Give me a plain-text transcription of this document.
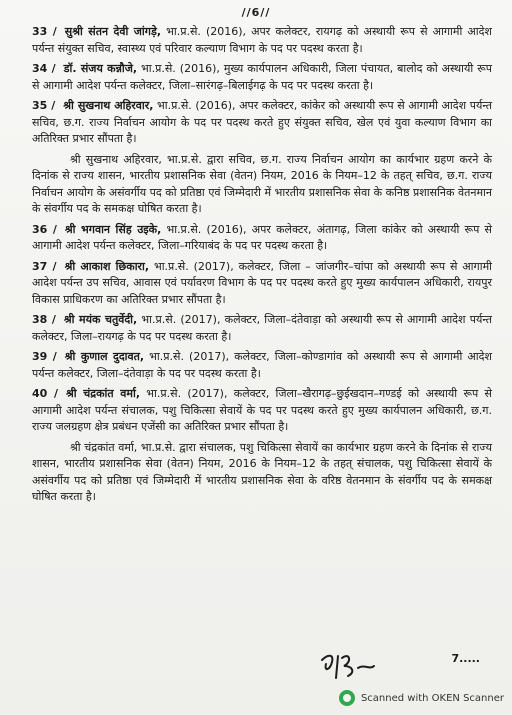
//6//

33 / सुश्री संतन देवी जांगड़े, भा.प्र.से. (2016), अपर कलेक्टर, रायगढ़ को अस्थायी रूप से आगामी आदेश पर्यन्त संयुक्त सचिव, स्वास्थ्य एवं परिवार कल्याण विभाग के पद पर पदस्थ करता है।

34 / डॉ. संजय कन्नौजे, भा.प्र.से. (2016), मुख्य कार्यपालन अधिकारी, जिला पंचायत, बालोद को अस्थायी रूप से आगामी आदेश पर्यन्त कलेक्टर, जिला–सारंगढ़–बिलाईगढ़ के पद पर पदस्थ करता है।

35 / श्री सुखनाथ अहिरवार, भा.प्र.से. (2016), अपर कलेक्टर, कांकेर को अस्थायी रूप से आगामी आदेश पर्यन्त सचिव, छ.ग. राज्य निर्वाचन आयोग के पद पर पदस्थ करते हुए संयुक्त सचिव, खेल एवं युवा कल्याण विभाग का अतिरिक्त प्रभार सौंपता है।

श्री सुखनाथ अहिरवार, भा.प्र.से. द्वारा सचिव, छ.ग. राज्य निर्वाचन आयोग का कार्यभार ग्रहण करने के दिनांक से राज्य शासन, भारतीय प्रशासनिक सेवा (वेतन) नियम, 2016 के नियम–12 के तहत् सचिव, छ.ग. राज्य निर्वाचन आयोग के असंवर्गीय पद को प्रतिष्ठा एवं जिम्मेदारी में भारतीय प्रशासनिक सेवा के कनिष्ठ प्रशासनिक वेतनमान के संवर्गीय पद के समकक्ष घोषित करता है।

36 / श्री भगवान सिंह उइके, भा.प्र.से. (2016), अपर कलेक्टर, अंतागढ़, जिला कांकेर को अस्थायी रूप से आगामी आदेश पर्यन्त कलेक्टर, जिला–गरियाबंद के पद पर पदस्थ करता है।

37 / श्री आकाश छिकारा, भा.प्र.से. (2017), कलेक्टर, जिला – जांजगीर–चांपा को अस्थायी रूप से आगामी आदेश पर्यन्त उप सचिव, आवास एवं पर्यावरण विभाग के पद पर पदस्थ करते हुए मुख्य कार्यपालन अधिकारी, रायपुर विकास प्राधिकरण का अतिरिक्त प्रभार सौंपता है।

38 / श्री मयंक चतुर्वेदी, भा.प्र.से. (2017), कलेक्टर, जिला–दंतेवाड़ा को अस्थायी रूप से आगामी आदेश पर्यन्त कलेक्टर, जिला–रायगढ़ के पद पर पदस्थ करता है।

39 / श्री कुणाल दुदावत, भा.प्र.से. (2017), कलेक्टर, जिला–कोण्डागांव को अस्थायी रूप से आगामी आदेश पर्यन्त कलेक्टर, जिला–दंतेवाड़ा के पद पर पदस्थ करता है।

40 / श्री चंद्रकांत वर्मा, भा.प्र.से. (2017), कलेक्टर, जिला–खैरागढ़–छुईखदान–गण्डई को अस्थायी रूप से आगामी आदेश पर्यन्त संचालक, पशु चिकित्सा सेवायें के पद पर पदस्थ करते हुए मुख्य कार्यपालन अधिकारी, छ.ग. राज्य जलग्रहण क्षेत्र प्रबंधन एजेंसी का अतिरिक्त प्रभार सौंपता है।

श्री चंद्रकांत वर्मा, भा.प्र.से. द्वारा संचालक, पशु चिकित्सा सेवायें का कार्यभार ग्रहण करने के दिनांक से राज्य शासन, भारतीय प्रशासनिक सेवा (वेतन) नियम, 2016 के नियम–12 के तहत् संचालक, पशु चिकित्सा सेवायें के असंवर्गीय पद को प्रतिष्ठा एवं जिम्मेदारी में भारतीय प्रशासनिक सेवा के वरिष्ठ वेतनमान के संवर्गीय पद के समकक्ष घोषित करता है।

7.....
Scanned with OKEN Scanner
